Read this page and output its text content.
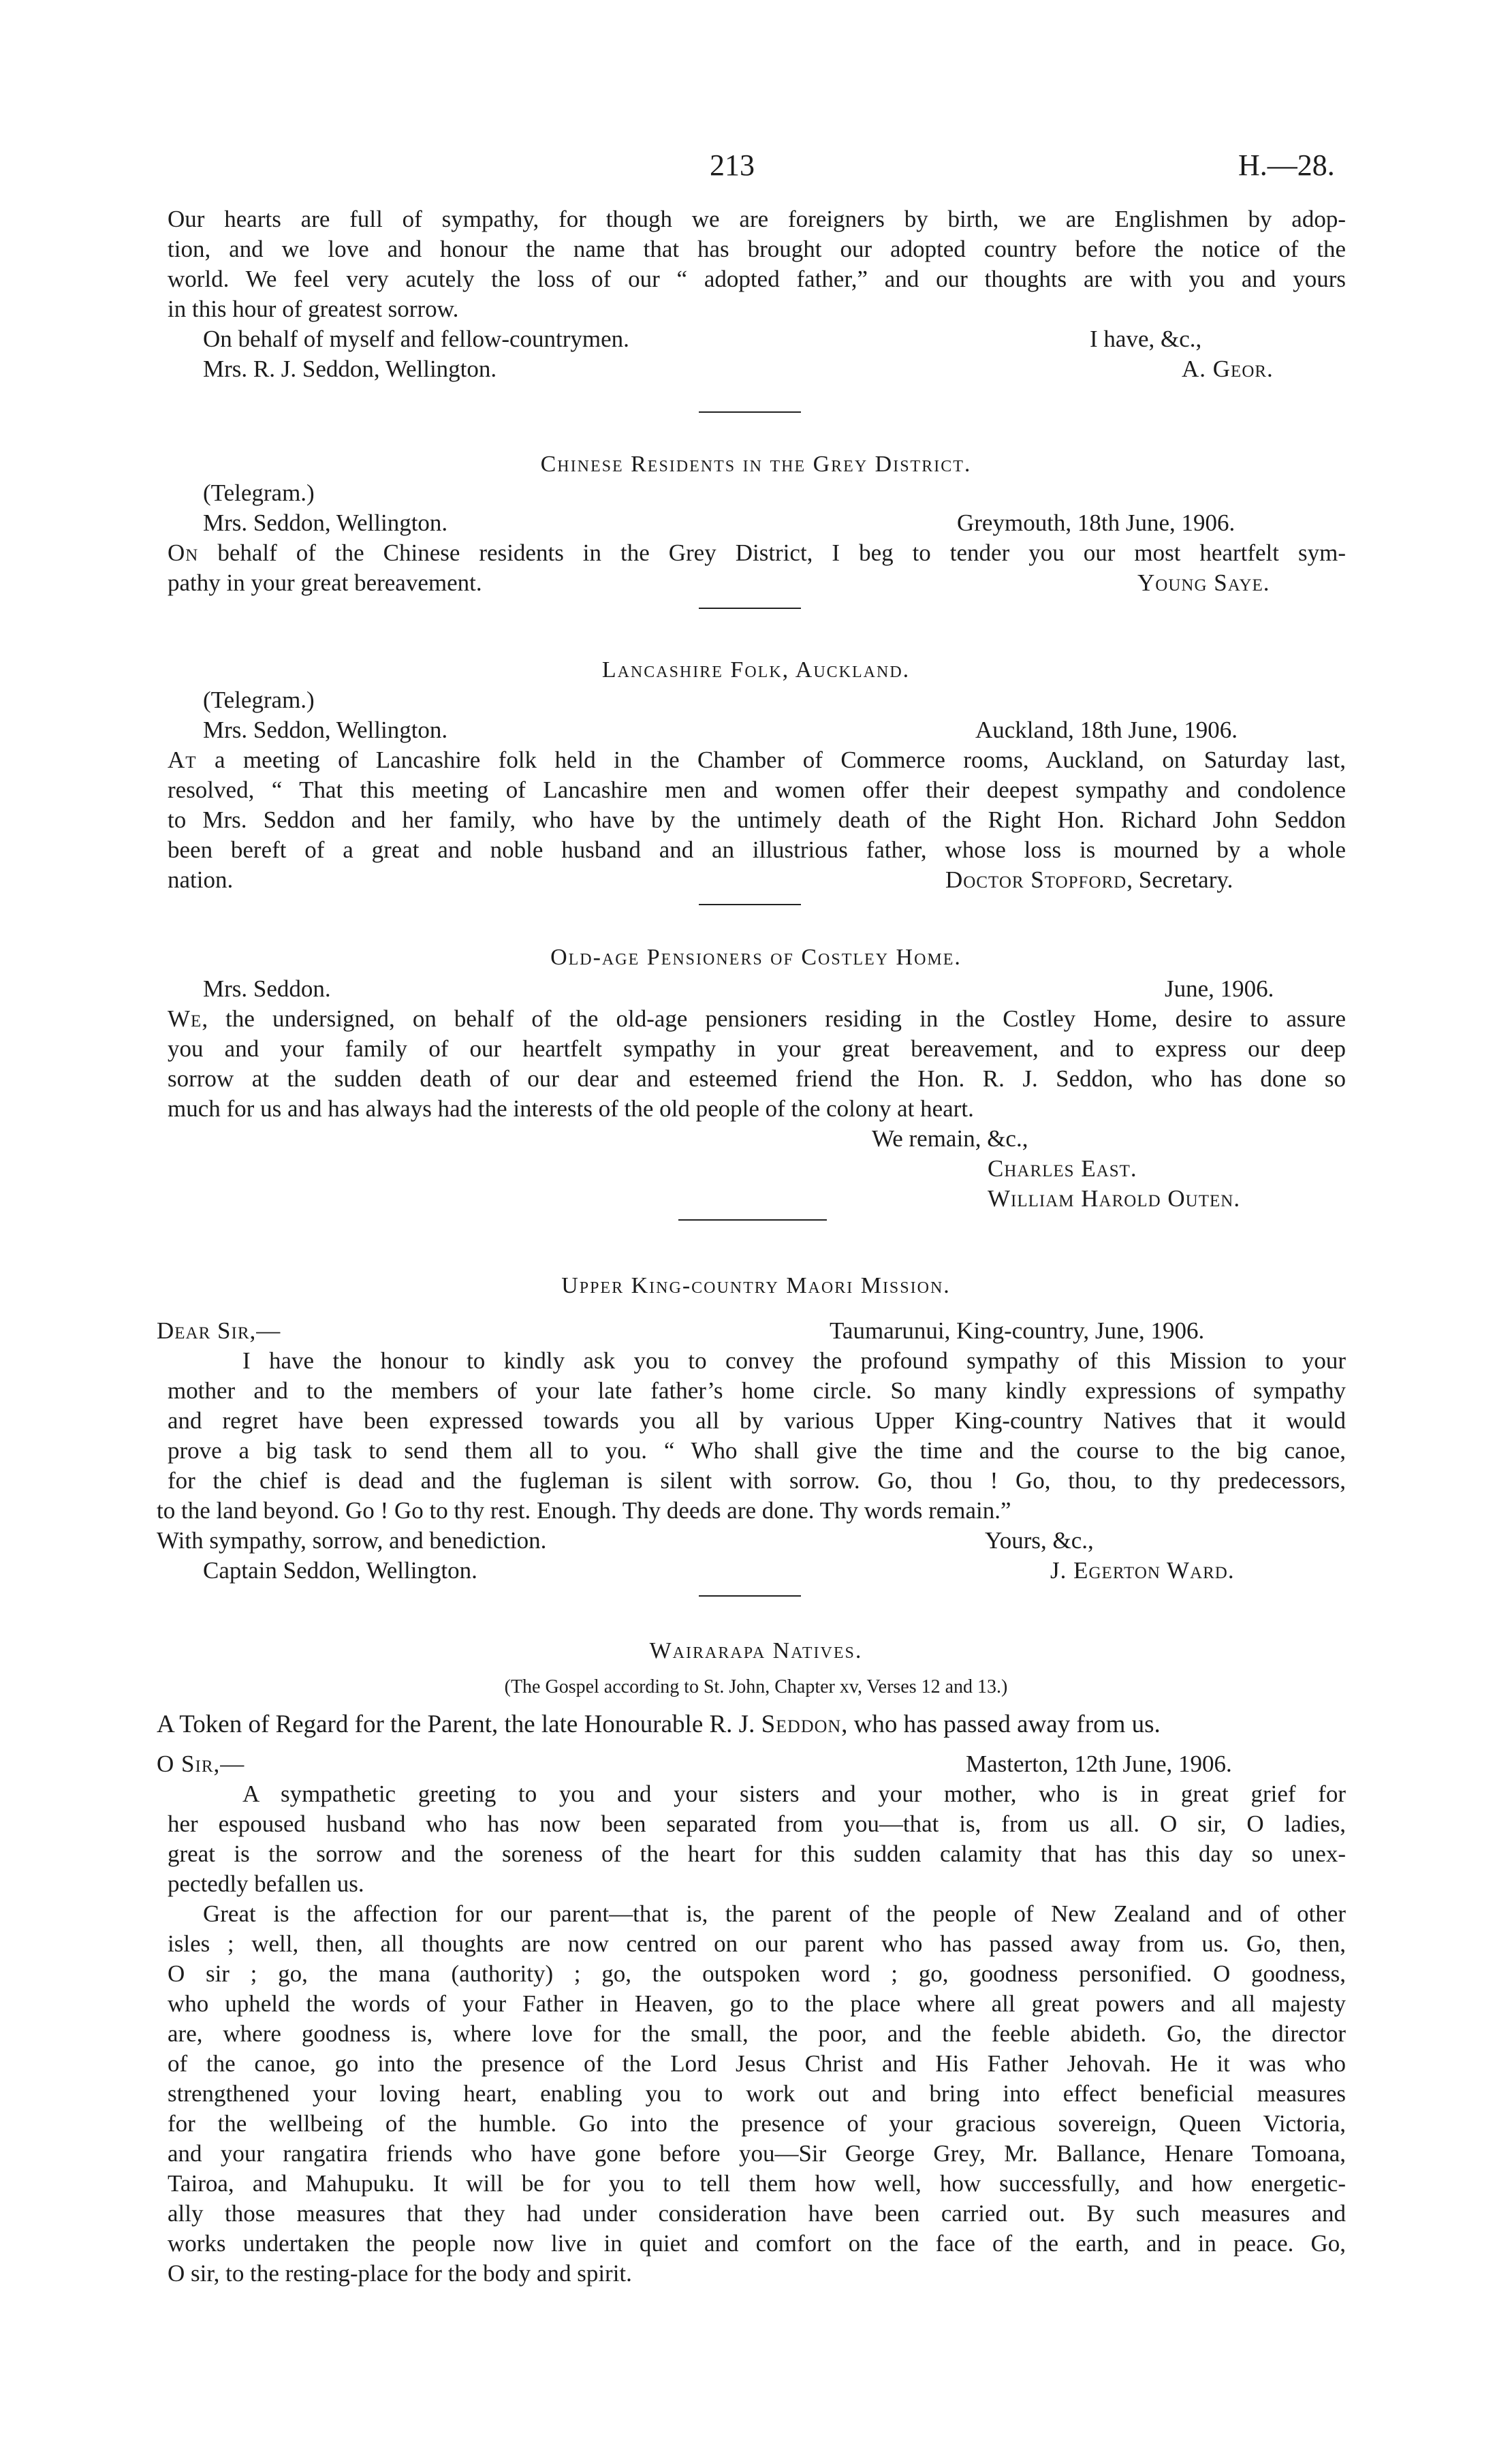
213	H.—28.
Our hearts are full of sympathy, for though we are foreigners by birth, we are Englishmen by adop-
tion, and we love and honour the name that has brought our adopted country before the notice of the
world. We feel very acutely the loss of our “ adopted father,” and our thoughts are with you and yours
in this hour of greatest sorrow.
On behalf of myself and fellow-countrymen.	I have, &c.,
Mrs. R. J. Seddon, Wellington.	A. Geor.
Chinese Residents in the Grey District.
(Telegram.)
Mrs. Seddon, Wellington.	Greymouth, 18th June, 1906.
On behalf of the Chinese residents in the Grey District, I beg to tender you our most heartfelt sym-
pathy in your great bereavement.	Young Saye.
Lancashire Folk, Auckland.
(Telegram.)
Mrs. Seddon, Wellington.	Auckland, 18th June, 1906.
At a meeting of Lancashire folk held in the Chamber of Commerce rooms, Auckland, on Saturday last,
resolved, “ That this meeting of Lancashire men and women offer their deepest sympathy and condolence
to Mrs. Seddon and her family, who have by the untimely death of the Right Hon. Richard John Seddon
been bereft of a great and noble husband and an illustrious father, whose loss is mourned by a whole
nation.	Doctor Stopford, Secretary.
Old-age Pensioners of Costley Home.
Mrs. Seddon.	June, 1906.
We, the undersigned, on behalf of the old-age pensioners residing in the Costley Home, desire to assure
you and your family of our heartfelt sympathy in your great bereavement, and to express our deep
sorrow at the sudden death of our dear and esteemed friend the Hon. R. J. Seddon, who has done so
much for us and has always had the interests of the old people of the colony at heart.
We remain, &c.,
Charles East.
William Harold Outen.
Upper King-country Maori Mission.
Dear Sir,—	Taumarunui, King-country, June, 1906.
I have the honour to kindly ask you to convey the profound sympathy of this Mission to your
mother and to the members of your late father’s home circle. So many kindly expressions of sympathy
and regret have been expressed towards you all by various Upper King-country Natives that it would
prove a big task to send them all to you. “ Who shall give the time and the course to the big canoe,
for the chief is dead and the fugleman is silent with sorrow. Go, thou ! Go, thou, to thy predecessors,
to the land beyond. Go ! Go to thy rest. Enough. Thy deeds are done. Thy words remain.”
With sympathy, sorrow, and benediction.	Yours, &c.,
Captain Seddon, Wellington.	J. Egerton Ward.
Wairarapa Natives.
(The Gospel according to St. John, Chapter xv, Verses 12 and 13.)
A Token of Regard for the Parent, the late Honourable R. J. Seddon, who has passed away from us.
O Sir,—	Masterton, 12th June, 1906.
A sympathetic greeting to you and your sisters and your mother, who is in great grief for
her espoused husband who has now been separated from you—that is, from us all. O sir, O ladies,
great is the sorrow and the soreness of the heart for this sudden calamity that has this day so unex-
pectedly befallen us.
Great is the affection for our parent—that is, the parent of the people of New Zealand and of other
isles ; well, then, all thoughts are now centred on our parent who has passed away from us. Go, then,
O sir ; go, the mana (authority) ; go, the outspoken word ; go, goodness personified. O goodness,
who upheld the words of your Father in Heaven, go to the place where all great powers and all majesty
are, where goodness is, where love for the small, the poor, and the feeble abideth. Go, the director
of the canoe, go into the presence of the Lord Jesus Christ and His Father Jehovah. He it was who
strengthened your loving heart, enabling you to work out and bring into effect beneficial measures
for the wellbeing of the humble. Go into the presence of your gracious sovereign, Queen Victoria,
and your rangatira friends who have gone before you—Sir George Grey, Mr. Ballance, Henare Tomoana,
Tairoa, and Mahupuku. It will be for you to tell them how well, how successfully, and how energetic-
ally those measures that they had under consideration have been carried out. By such measures and
works undertaken the people now live in quiet and comfort on the face of the earth, and in peace. Go,
O sir, to the resting-place for the body and spirit.
